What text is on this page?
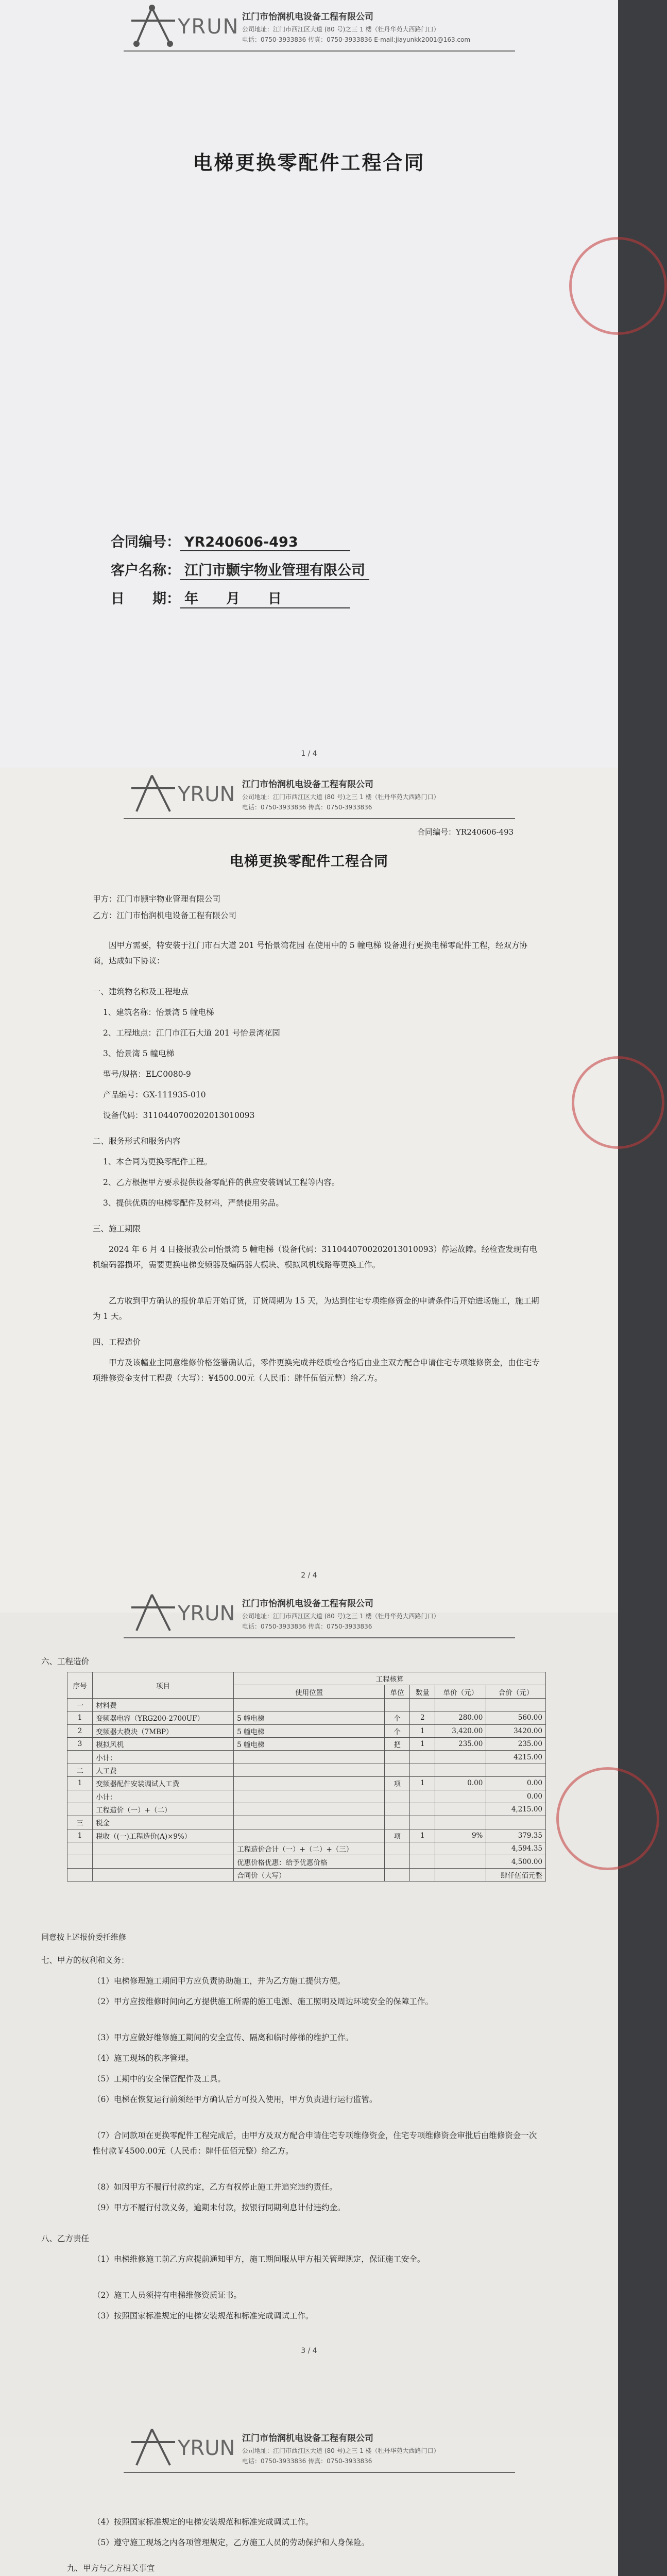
YRUN 江门市怡润机电设备工程有限公司
公司地址：江门市西江区大道 (80 号)之三 1 楼（牡丹华苑大西路门口）
电话：0750-3933836 传真：0750-3933836 E-mail:jiayunkk2001@163.com
电梯更换零配件工程合同
合同编号： YR240606-493
客户名称： 江门市颢宇物业管理有限公司
日　　期： 年　　月　　日
1 / 4
YRUN 江门市怡润机电设备工程有限公司
公司地址：江门市西江区大道 (80 号)之三 1 楼（牡丹华苑大西路门口）
电话：0750-3933836 传真：0750-3933836
合同编号：YR240606-493
电梯更换零配件工程合同
甲方：江门市颢宇物业管理有限公司
乙方：江门市怡润机电设备工程有限公司
因甲方需要，特安装于江门市石大道 201 号怡景湾花园 在使用中的 5 幢电梯 设备进行更换电梯零配件工程，经双方协商，达成如下协议：
一、建筑物名称及工程地点
1、建筑名称：怡景湾 5 幢电梯
2、工程地点：江门市江石大道 201 号怡景湾花园
3、怡景湾 5 幢电梯
型号/规格：ELC0080-9
产品编号：GX-111935-010
设备代码：3110440700202013010093
二、服务形式和服务内容
1、本合同为更换零配件工程。
2、乙方根据甲方要求提供设备零配件的供应安装调试工程等内容。
3、提供优质的电梯零配件及材料，严禁使用劣品。
三、施工期限
2024 年 6 月 4 日接报我公司怡景湾 5 幢电梯（设备代码：3110440700202013010093）停运故障。经检查发现有电机编码器损坏，需要更换电梯变频器及编码器大模块、模拟风机线路等更换工作。
乙方收到甲方确认的报价单后开始订货，订货周期为 15 天，为达到住宅专项维修资金的申请条件后开始进场施工，施工期为 1 天。
四、工程造价
甲方及该幢业主同意维修价格签署确认后，零件更换完成并经质检合格后由业主双方配合申请住宅专项维修资金，由住宅专项维修资金支付工程费（大写）：¥4500.00元（人民币：肆仟伍佰元整）给乙方。
2 / 4
YRUN 江门市怡润机电设备工程有限公司
公司地址：江门市西江区大道 (80 号)之三 1 楼（牡丹华苑大西路门口）
电话：0750-3933836 传真：0750-3933836
六、工程造价
序号	项目	工程核算				
		使用位置	单位	数量	单价（元）	合价（元）
一	材料费					
1	变频器电容（YRG200-2700UF）	5 幢电梯	个	2	280.00	560.00
2	变频器大模块（7MBP）	5 幢电梯	个	1	3,420.00	3420.00
3	模拟风机	5 幢电梯	把	1	235.00	235.00
	小计：					4215.00
二	人工费					
1	变频器配件安装调试人工费		项	1	0.00	0.00
	小计：					0.00
	工程造价（一）+（二）					4,215.00
三	税金					
1	税收（(一)工程造价(A)×9%）		项	1	9%	379.35
		工程造价合计（一）+（二）+（三）				4,594.35
		优惠价格优惠：给予优惠价格				4,500.00
		合同价（大写）				肆仟伍佰元整
同意按上述报价委托维修
七、甲方的权利和义务：
（1）电梯修理施工期间甲方应负责协助施工，并为乙方施工提供方便。
（2）甲方应按维修时间向乙方提供施工所需的施工电源、施工照明及周边环境安全的保障工作。
（3）甲方应做好维修施工期间的安全宣传、隔离和临时停梯的维护工作。
（4）施工现场的秩序管理。
（5）工期中的安全保管配件及工具。
（6）电梯在恢复运行前须经甲方确认后方可投入使用，甲方负责进行运行监管。
（7）合同款项在更换零配件工程完成后，由甲方及双方配合申请住宅专项维修资金，住宅专项维修资金审批后由维修资金一次性付款￥4500.00元（人民币：肆仟伍佰元整）给乙方。
（8）如因甲方不履行付款约定，乙方有权停止施工并追究违约责任。
（9）甲方不履行付款义务，逾期未付款，按银行同期利息计付违约金。
八、乙方责任
（1）电梯维修施工前乙方应提前通知甲方，施工期间服从甲方相关管理规定，保证施工安全。
（2）施工人员须持有电梯维修资质证书。
（3）按照国家标准规定的电梯安装规范和标准完成调试工作。
3 / 4
YRUN 江门市怡润机电设备工程有限公司
公司地址：江门市西江区大道 (80 号)之三 1 楼（牡丹华苑大西路门口）
电话：0750-3933836 传真：0750-3933836
（4）按照国家标准规定的电梯安装规范和标准完成调试工作。
（5）遵守施工现场之内各项管理规定，乙方施工人员的劳动保护和人身保险。
九、甲方与乙方相关事宜
